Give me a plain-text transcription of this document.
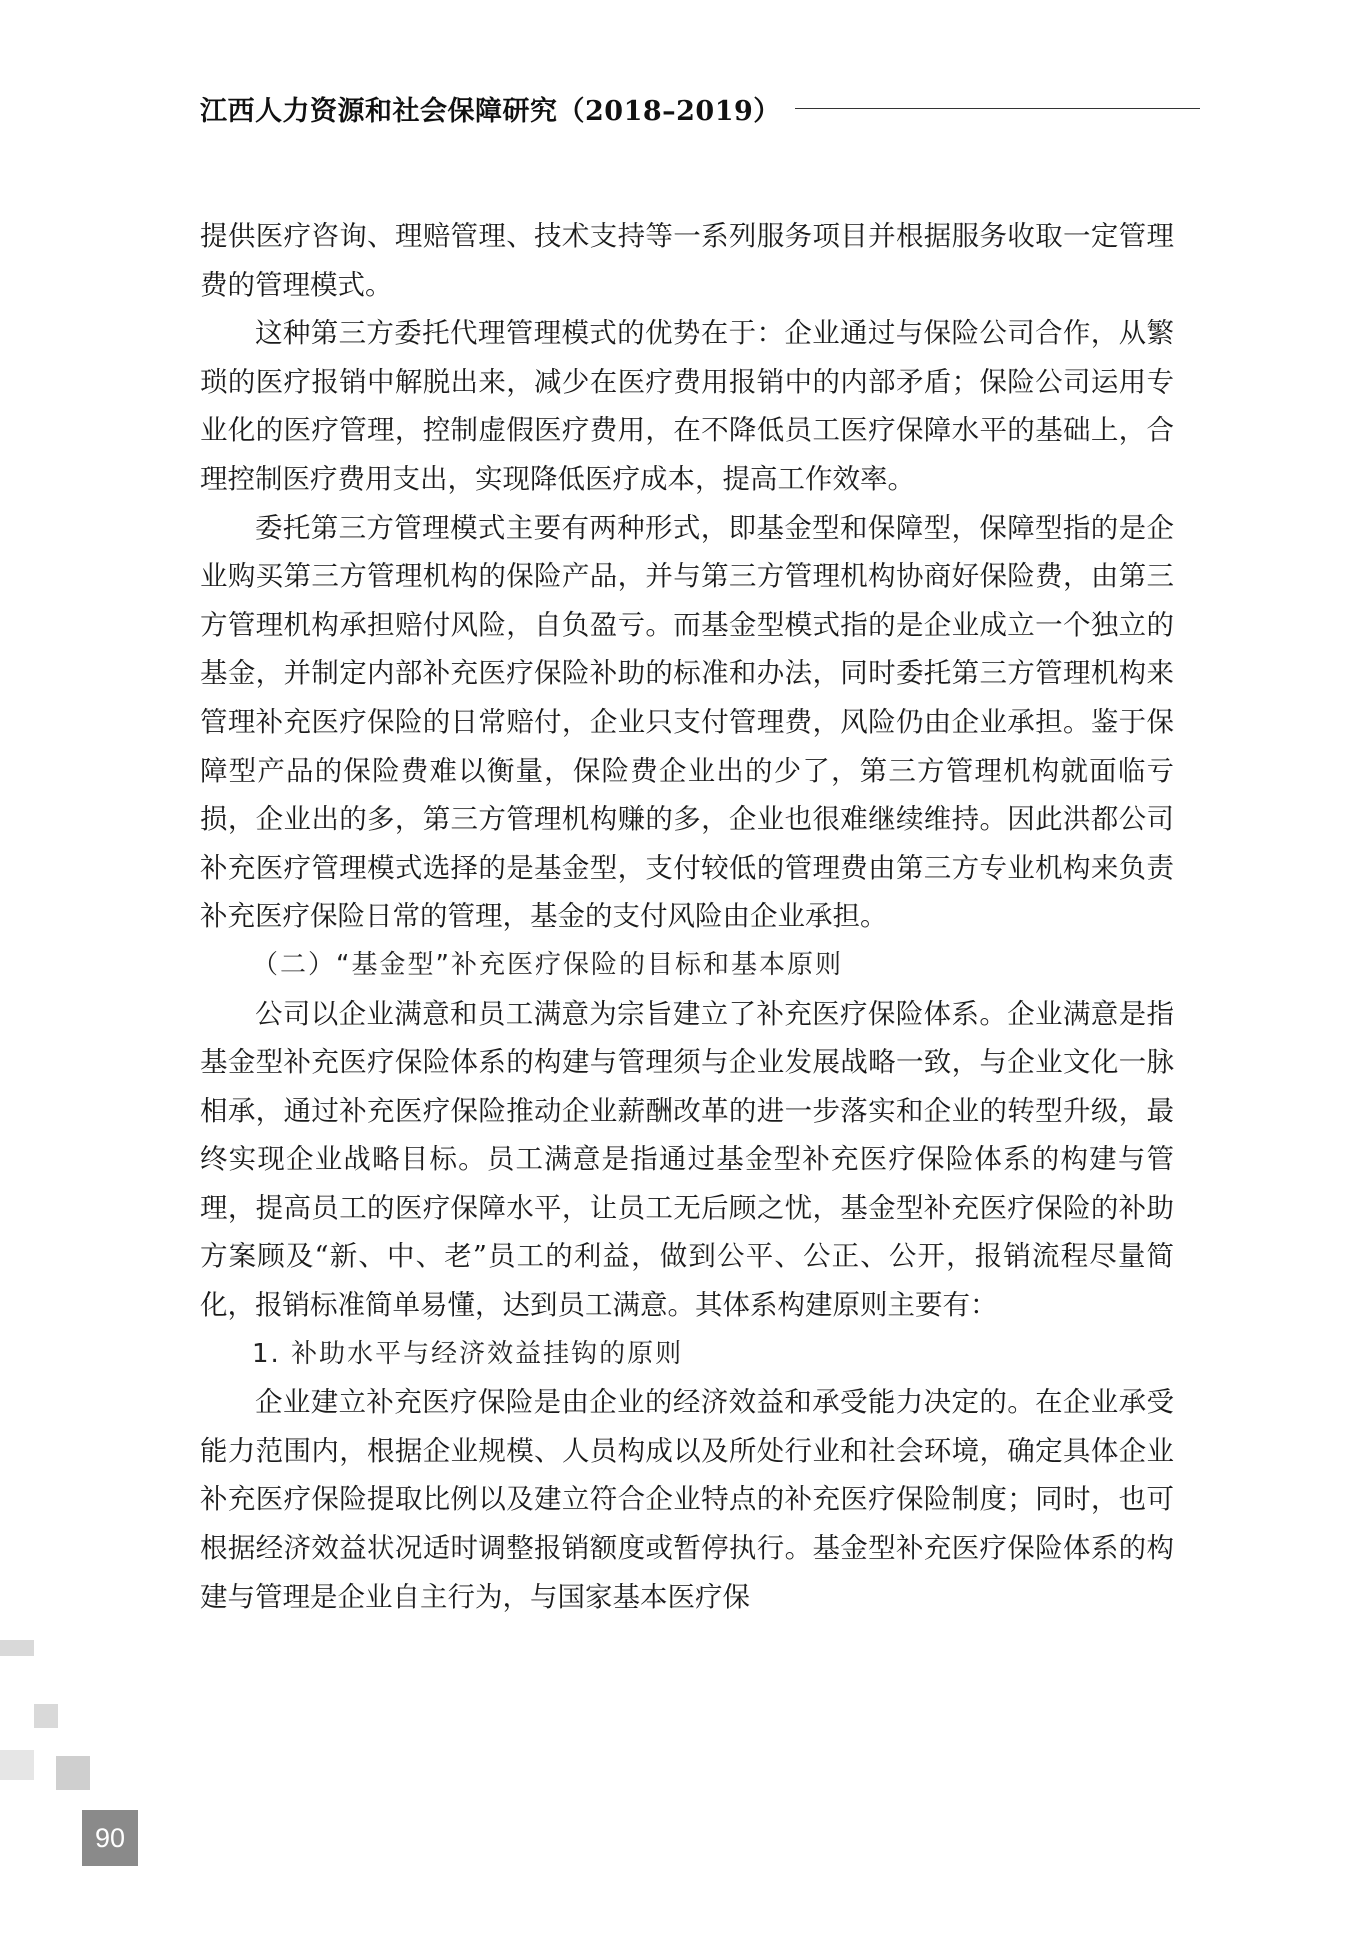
江西人力资源和社会保障研究（2018–2019）

提供医疗咨询、理赔管理、技术支持等一系列服务项目并根据服务收取一定管理费的管理模式。

这种第三方委托代理管理模式的优势在于：企业通过与保险公司合作，从繁琐的医疗报销中解脱出来，减少在医疗费用报销中的内部矛盾；保险公司运用专业化的医疗管理，控制虚假医疗费用，在不降低员工医疗保障水平的基础上，合理控制医疗费用支出，实现降低医疗成本，提高工作效率。

委托第三方管理模式主要有两种形式，即基金型和保障型，保障型指的是企业购买第三方管理机构的保险产品，并与第三方管理机构协商好保险费，由第三方管理机构承担赔付风险，自负盈亏。而基金型模式指的是企业成立一个独立的基金，并制定内部补充医疗保险补助的标准和办法，同时委托第三方管理机构来管理补充医疗保险的日常赔付，企业只支付管理费，风险仍由企业承担。鉴于保障型产品的保险费难以衡量，保险费企业出的少了，第三方管理机构就面临亏损，企业出的多，第三方管理机构赚的多，企业也很难继续维持。因此洪都公司补充医疗管理模式选择的是基金型，支付较低的管理费由第三方专业机构来负责补充医疗保险日常的管理，基金的支付风险由企业承担。

（二）“基金型”补充医疗保险的目标和基本原则

公司以企业满意和员工满意为宗旨建立了补充医疗保险体系。企业满意是指基金型补充医疗保险体系的构建与管理须与企业发展战略一致，与企业文化一脉相承，通过补充医疗保险推动企业薪酬改革的进一步落实和企业的转型升级，最终实现企业战略目标。员工满意是指通过基金型补充医疗保险体系的构建与管理，提高员工的医疗保障水平，让员工无后顾之忧，基金型补充医疗保险的补助方案顾及“新、中、老”员工的利益，做到公平、公正、公开，报销流程尽量简化，报销标准简单易懂，达到员工满意。其体系构建原则主要有：

1. 补助水平与经济效益挂钩的原则

企业建立补充医疗保险是由企业的经济效益和承受能力决定的。在企业承受能力范围内，根据企业规模、人员构成以及所处行业和社会环境，确定具体企业补充医疗保险提取比例以及建立符合企业特点的补充医疗保险制度；同时，也可根据经济效益状况适时调整报销额度或暂停执行。基金型补充医疗保险体系的构建与管理是企业自主行为，与国家基本医疗保

90
